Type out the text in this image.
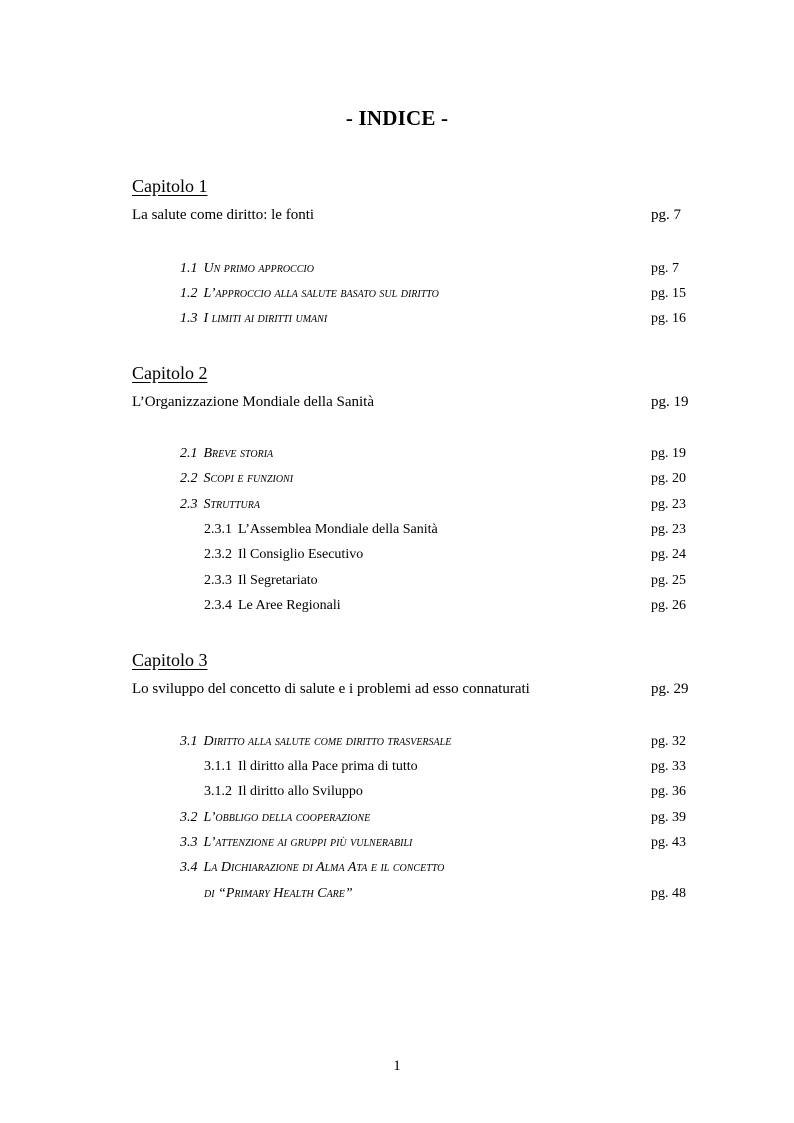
- INDICE -
Capitolo 1
La salute come diritto: le fonti	pg. 7
1.1 Un primo approccio	pg. 7
1.2 L’approccio alla salute basato sul diritto	pg. 15
1.3 I limiti ai diritti umani	pg. 16
Capitolo 2
L’Organizzazione Mondiale della Sanità	pg. 19
2.1 Breve storia	pg. 19
2.2 Scopi e funzioni	pg. 20
2.3 Struttura	pg. 23
2.3.1 L’Assemblea Mondiale della Sanità	pg. 23
2.3.2 Il Consiglio Esecutivo	pg. 24
2.3.3 Il Segretariato	pg. 25
2.3.4 Le Aree Regionali	pg. 26
Capitolo 3
Lo sviluppo del concetto di salute e i problemi ad esso connaturati	pg. 29
3.1 Diritto alla salute come diritto trasversale	pg. 32
3.1.1 Il diritto alla Pace prima di tutto	pg. 33
3.1.2 Il diritto allo Sviluppo	pg. 36
3.2 L’obbligo della cooperazione	pg. 39
3.3 L’attenzione ai gruppi più vulnerabili	pg. 43
3.4 La Dichiarazione di Alma Ata e il concetto
di “Primary Health Care”	pg. 48
1
